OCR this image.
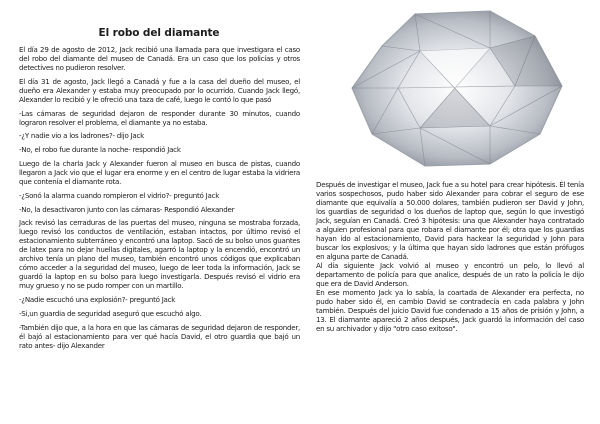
El robo del diamante

El día 29 de agosto de 2012, Jack recibió una llamada para que investigara el caso del robo del diamante del museo de Canadá. Era un caso que los policías y otros detectives no pudieron resolver.

El día 31 de agosto, Jack llegó a Canadá y fue a la casa del dueño del museo, el dueño era Alexander y estaba muy preocupado por lo ocurrido. Cuando Jack llegó, Alexander lo recibió y le ofreció una taza de café, luego le contó lo que pasó

-Las cámaras de seguridad dejaron de responder durante 30 minutos, cuando lograron resolver el problema, el diamante ya no estaba.

-¿Y nadie vio a los ladrones?- dijo Jack

-No, el robo fue durante la noche- respondió Jack

Luego de la charla Jack y Alexander fueron al museo en busca de pistas, cuando llegaron a Jack vio que el lugar era enorme y en el centro de lugar estaba la vidriera que contenía el diamante rota.

-¿Sonó la alarma cuando rompieron el vidrio?- preguntó Jack

-No, la desactivaron junto con las cámaras- Respondió Alexander

Jack revisó las cerraduras de las puertas del museo, ninguna se mostraba forzada, luego revisó los conductos de ventilación, estaban intactos, por último revisó el estacionamiento subterráneo y encontró una laptop. Sacó de su bolso unos guantes de latex para no dejar huellas digitales, agarró la laptop y la encendió, encontró un archivo tenía un plano del museo, también encontró unos códigos que explicaban cómo acceder a la seguridad del museo, luego de leer toda la información, Jack se guardó la laptop en su bolso para luego investigarla. Después revisó el vidrio era muy grueso y no se pudo romper con un martillo.

-¿Nadie escuchó una explosión?- preguntó Jack

-Si,un guardia de seguridad aseguró que escuchó algo.

-También dijo que, a la hora en que las cámaras de seguridad dejaron de responder, él bajó al estacionamiento para ver qué hacía David, el otro guardia que bajó un rato antes- dijo Alexander

Después de investigar el museo, Jack fue a su hotel para crear hipótesis. Él tenía varios sospechosos, pudo haber sido Alexander para cobrar el seguro de ese diamante que equivalía a 50.000 dolares, también pudieron ser David y John, los guardias de seguridad o los dueños de laptop que, según lo que investigó Jack, seguían en Canadá. Creó 3 hipótesis: una que Alexander haya contratado a alguien profesional para que robara el diamante por él; otra que los guardias hayan ido al estacionamiento, David para hackear la seguridad y John para buscar los explosivos; y la última que hayan sido ladrones que están prófugos en alguna parte de Canadá.

Al día siguiente Jack volvió al museo y encontró un pelo, lo llevó al departamento de policía para que analice, después de un rato la policía le dijo que era de David Anderson.

En ese momento Jack ya lo sabía, la coartada de Alexander era perfecta, no pudo haber sido él, en cambio David se contradecía en cada palabra y John también. Después del juicio David fue condenado a 15 años de prisión y John, a 13. El diamante apareció 2 años después, Jack guardó la información del caso en su archivador y dijo "otro caso exitoso".
